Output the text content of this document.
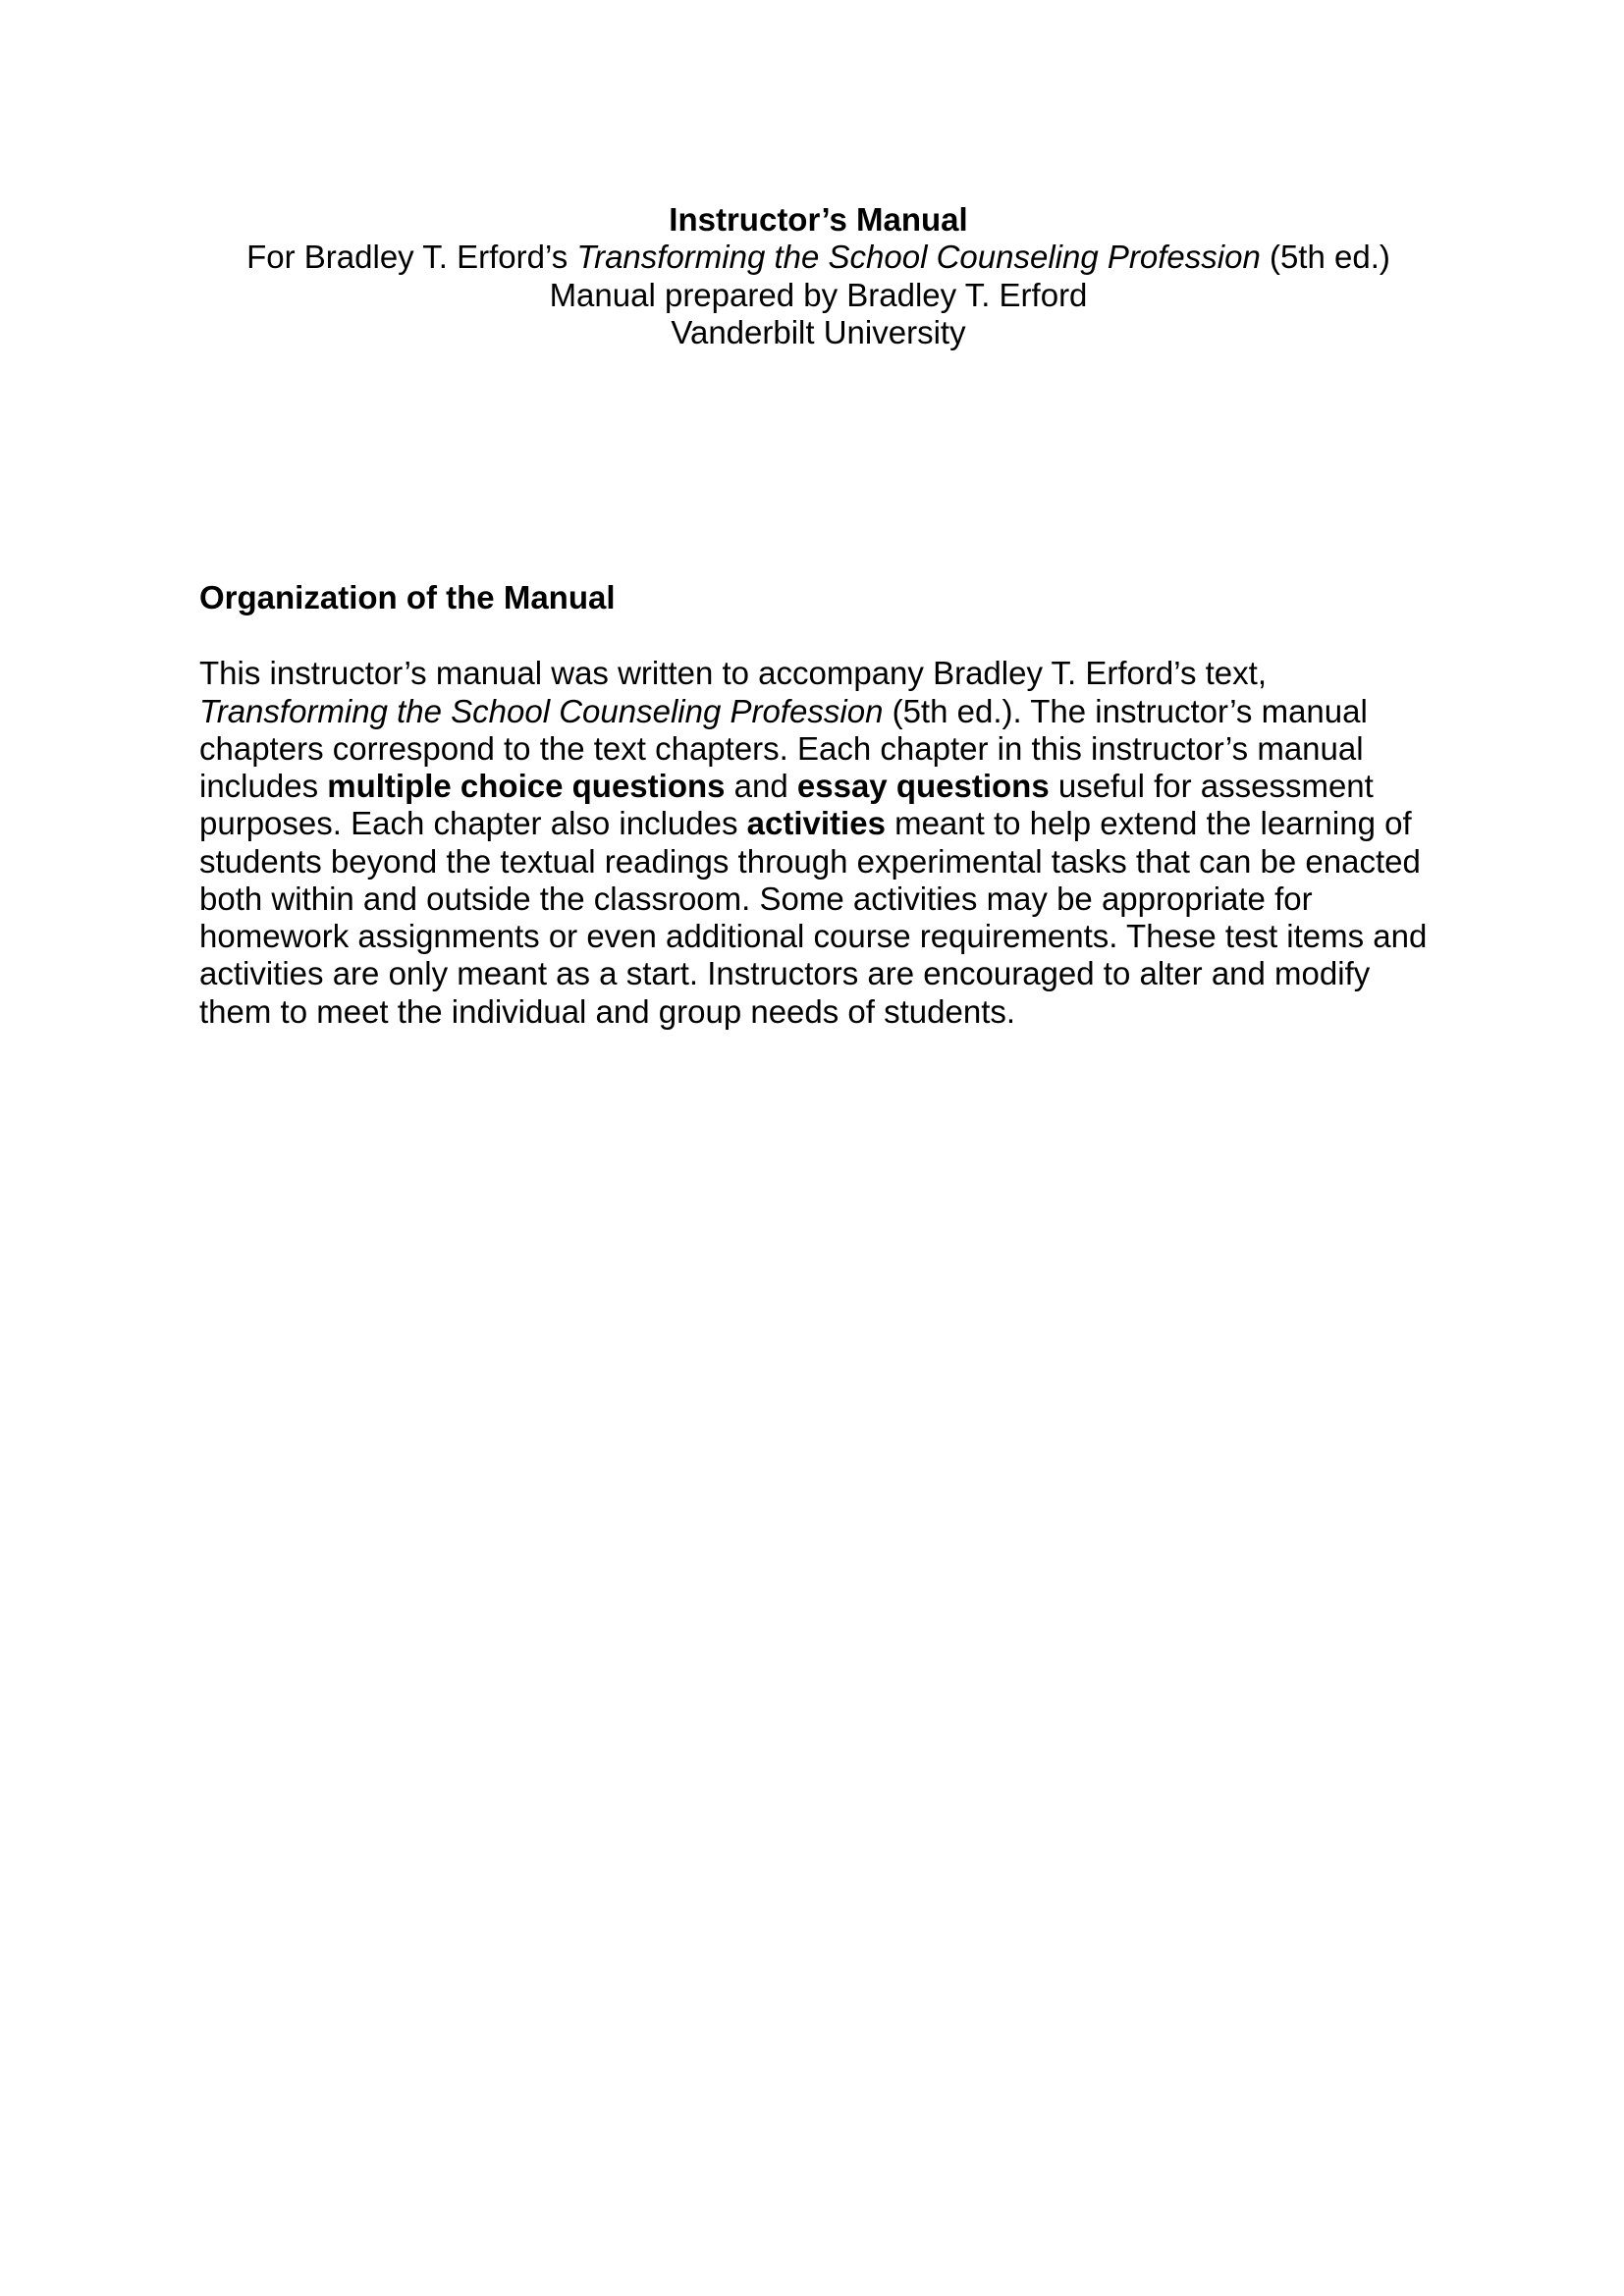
Instructor’s Manual

For Bradley T. Erford’s Transforming the School Counseling Profession (5th ed.)

Manual prepared by Bradley T. Erford

Vanderbilt University

Organization of the Manual

This instructor’s manual was written to accompany Bradley T. Erford’s text, Transforming the School Counseling Profession (5th ed.). The instructor’s manual chapters correspond to the text chapters. Each chapter in this instructor’s manual includes multiple choice questions and essay questions useful for assessment purposes. Each chapter also includes activities meant to help extend the learning of students beyond the textual readings through experimental tasks that can be enacted both within and outside the classroom. Some activities may be appropriate for homework assignments or even additional course requirements. These test items and activities are only meant as a start. Instructors are encouraged to alter and modify them to meet the individual and group needs of students.
